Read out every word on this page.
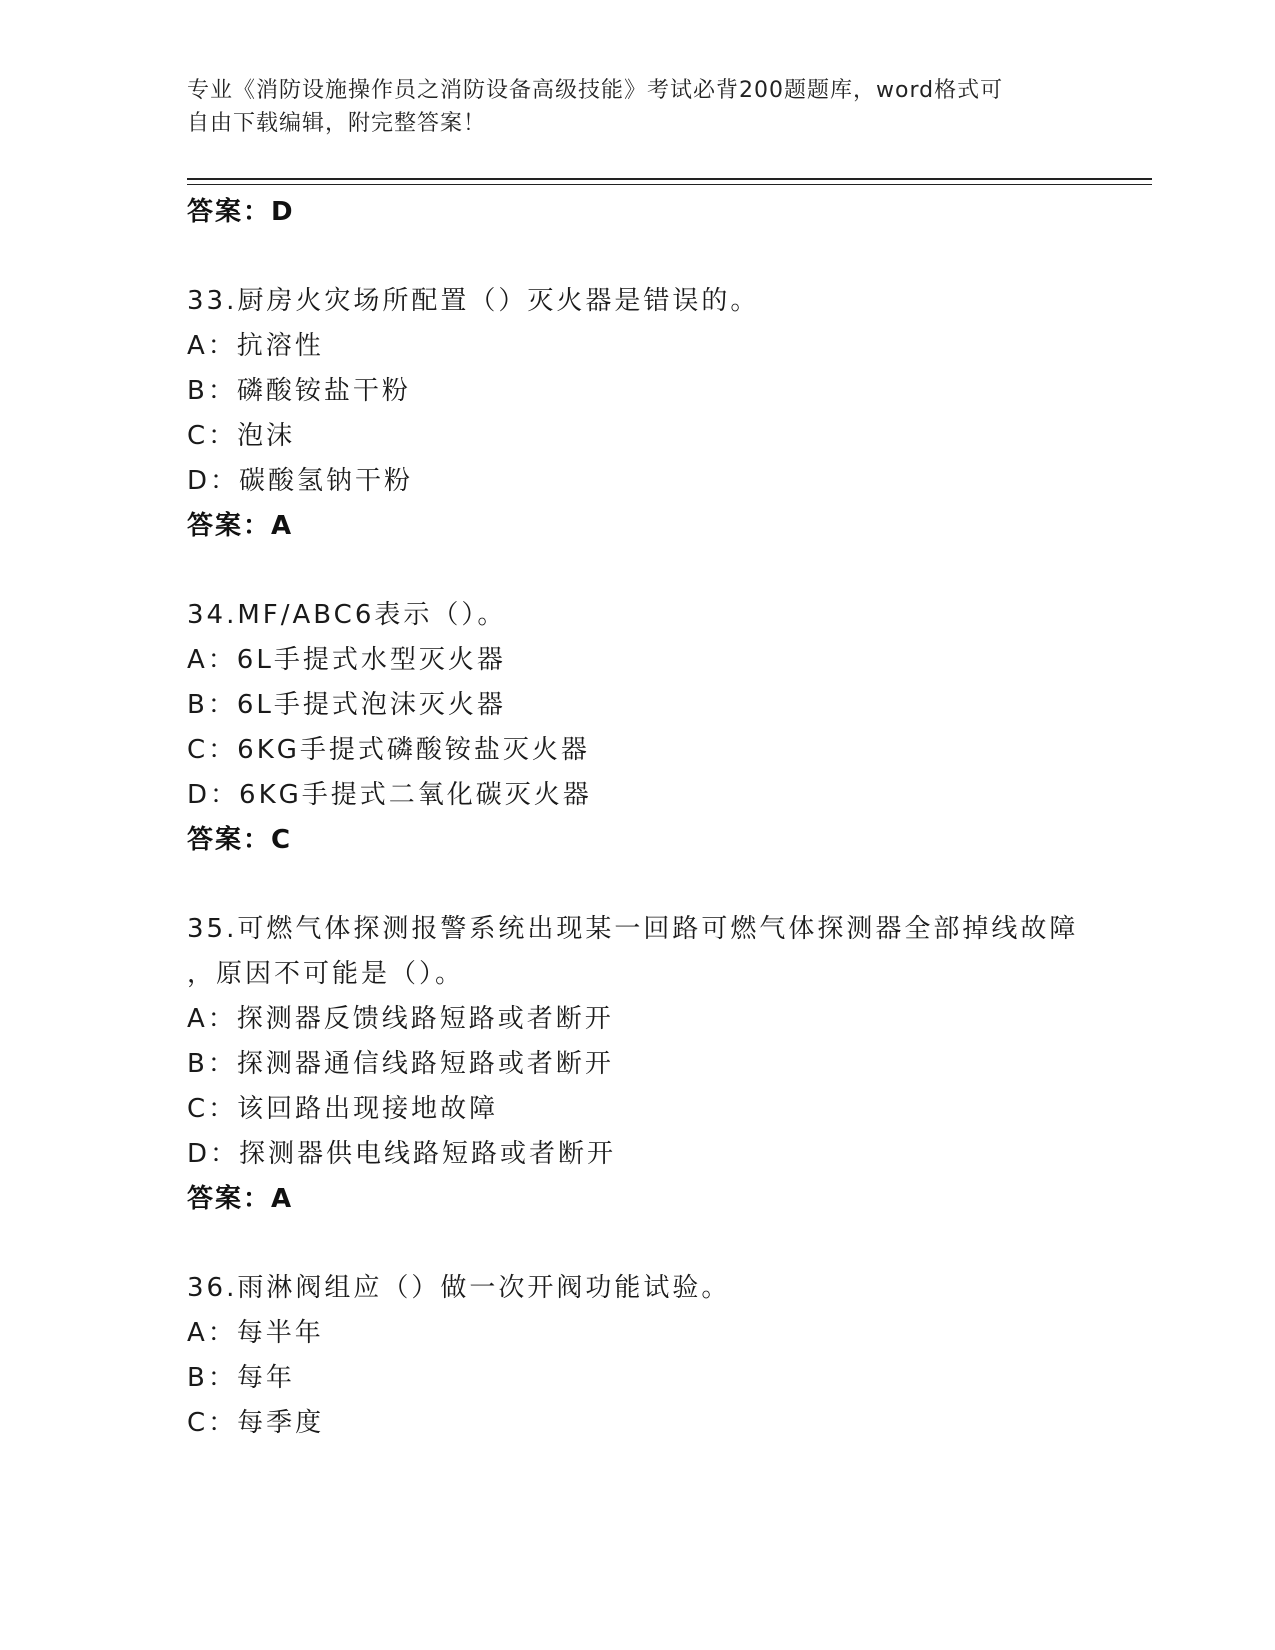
专业《消防设施操作员之消防设备高级技能》考试必背200题题库，word格式可
自由下载编辑，附完整答案！
答案：D
33.厨房火灾场所配置（）灭火器是错误的。
A：抗溶性
B：磷酸铵盐干粉
C：泡沫
D：碳酸氢钠干粉
答案：A
34.MF/ABC6表示（）。
A：6L手提式水型灭火器
B：6L手提式泡沫灭火器
C：6KG手提式磷酸铵盐灭火器
D：6KG手提式二氧化碳灭火器
答案：C
35.可燃气体探测报警系统出现某一回路可燃气体探测器全部掉线故障
，原因不可能是（）。
A：探测器反馈线路短路或者断开
B：探测器通信线路短路或者断开
C：该回路出现接地故障
D：探测器供电线路短路或者断开
答案：A
36.雨淋阀组应（）做一次开阀功能试验。
A：每半年
B：每年
C：每季度
